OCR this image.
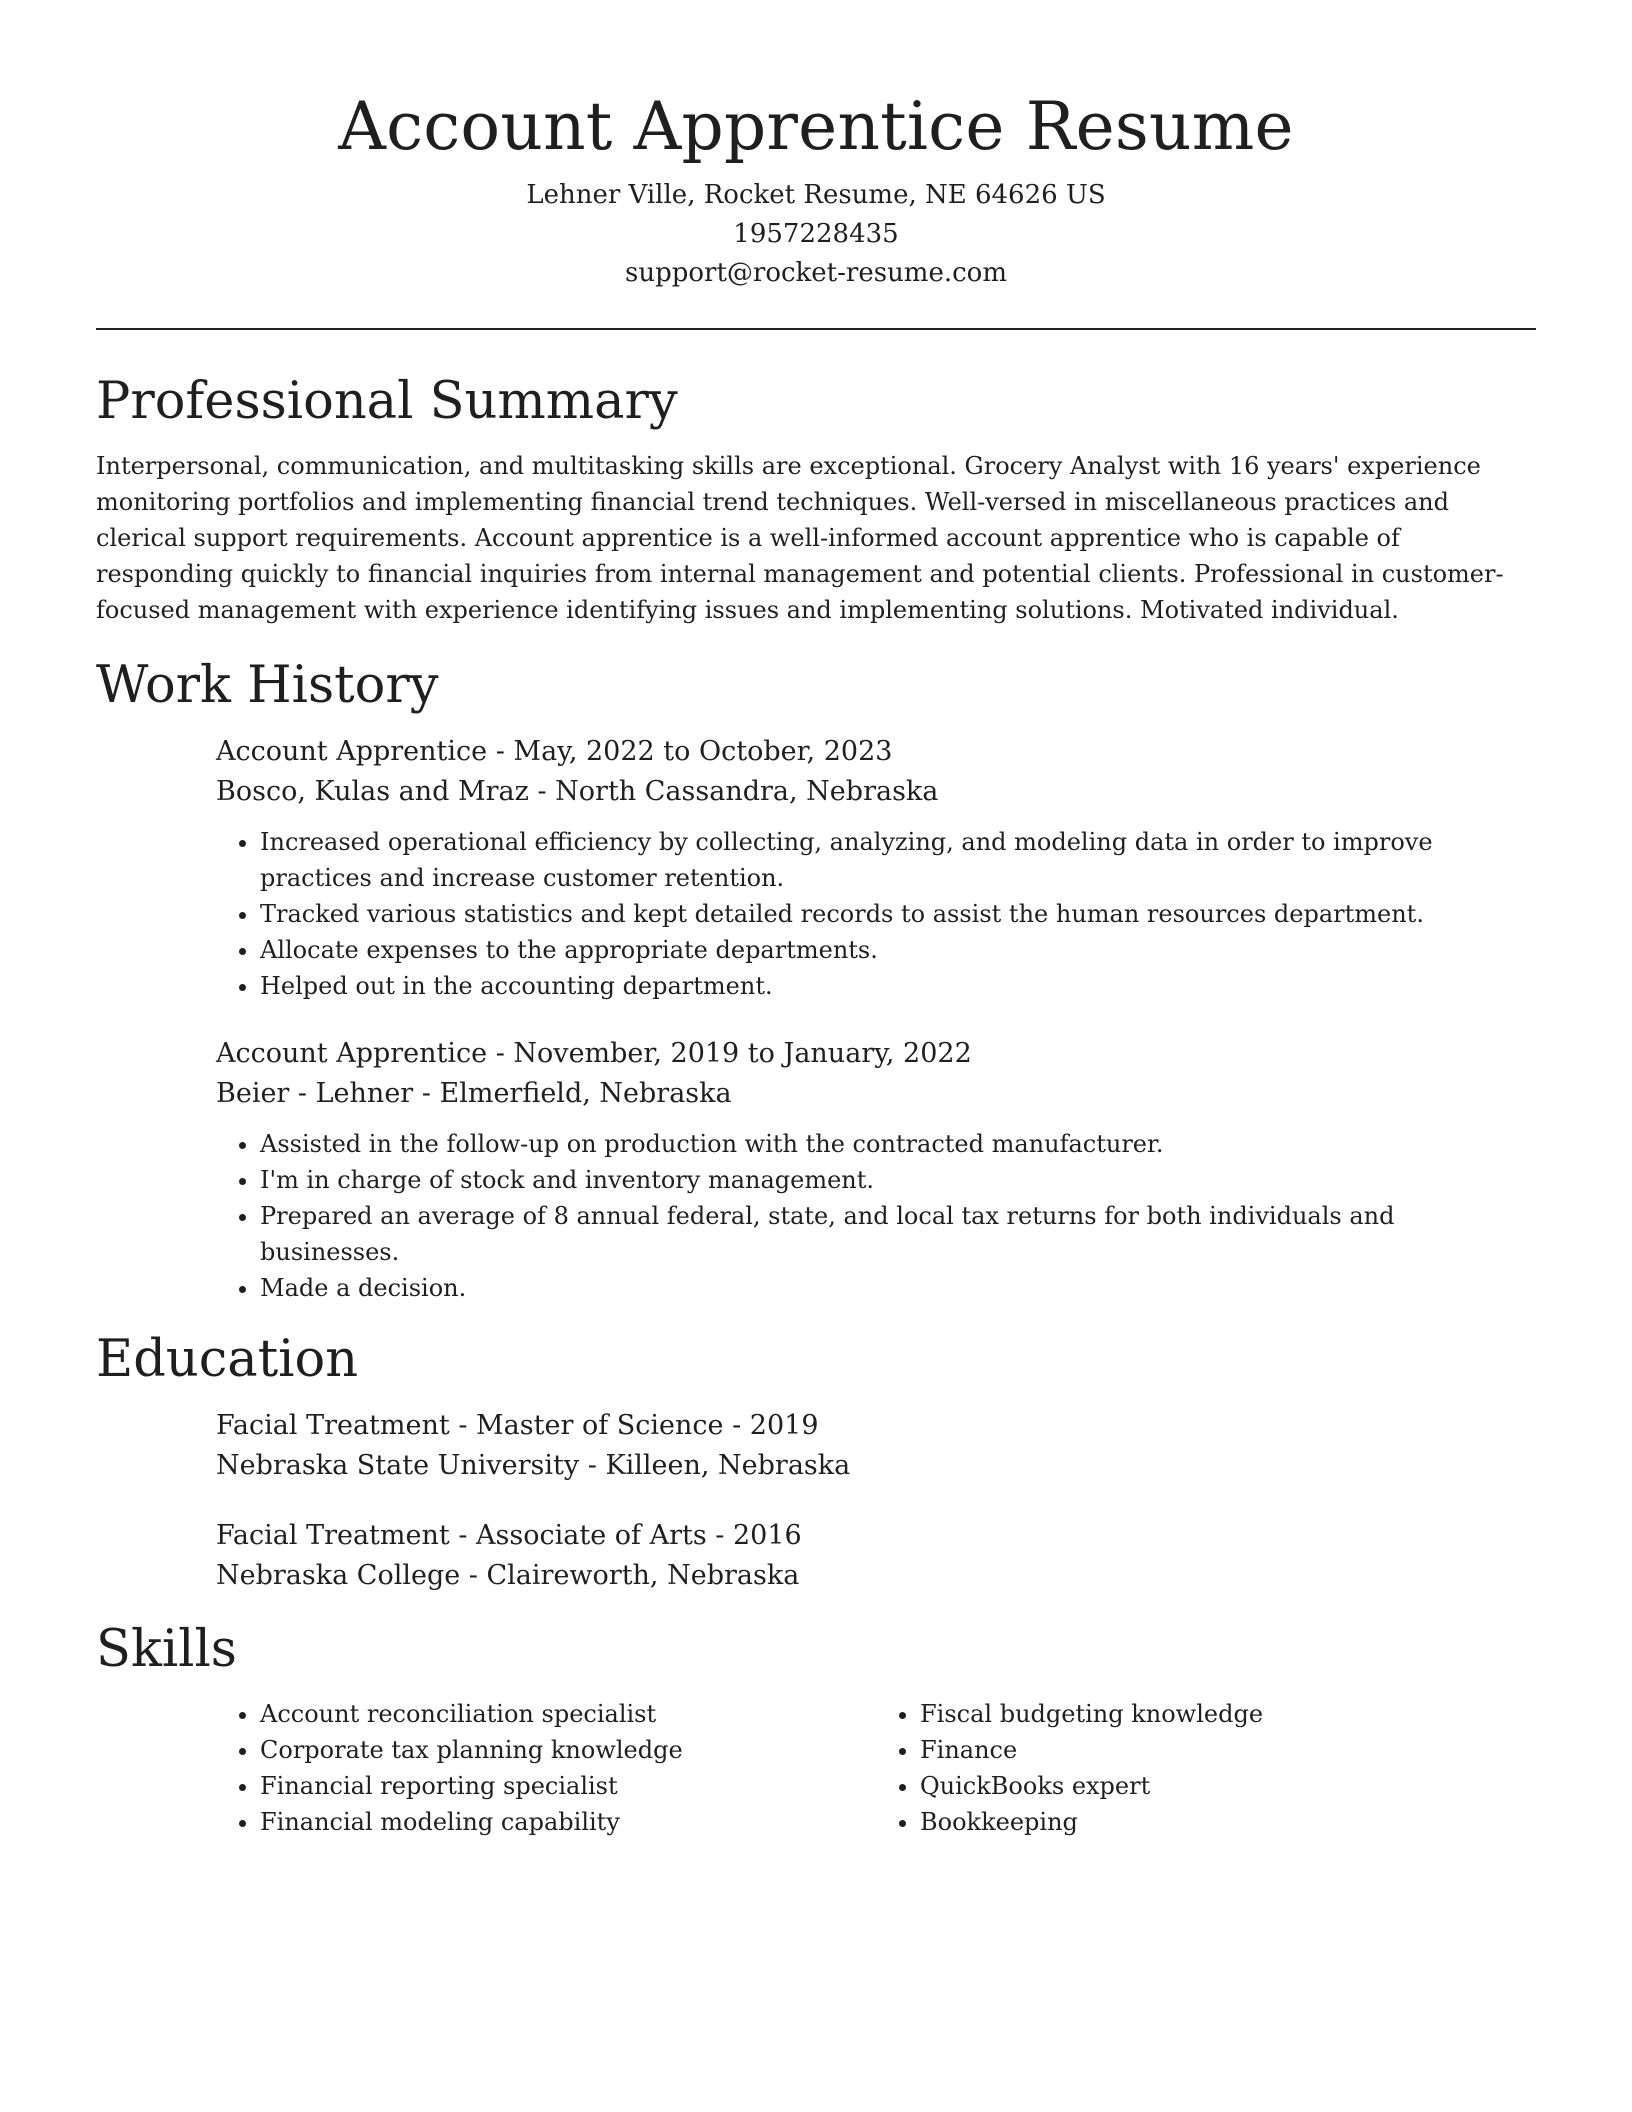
Account Apprentice Resume
Lehner Ville, Rocket Resume, NE 64626 US
1957228435
support@rocket-resume.com
Professional Summary

Interpersonal, communication, and multitasking skills are exceptional. Grocery Analyst with 16 years' experience monitoring portfolios and implementing financial trend techniques. Well-versed in miscellaneous practices and clerical support requirements. Account apprentice is a well-informed account apprentice who is capable of responding quickly to financial inquiries from internal management and potential clients. Professional in customer-focused management with experience identifying issues and implementing solutions. Motivated individual.

Work History
Account Apprentice - May, 2022 to October, 2023
Bosco, Kulas and Mraz - North Cassandra, Nebraska
• Increased operational efficiency by collecting, analyzing, and modeling data in order to improve practices and increase customer retention.
• Tracked various statistics and kept detailed records to assist the human resources department.
• Allocate expenses to the appropriate departments.
• Helped out in the accounting department.
Account Apprentice - November, 2019 to January, 2022
Beier - Lehner - Elmerfield, Nebraska
• Assisted in the follow-up on production with the contracted manufacturer.
• I'm in charge of stock and inventory management.
• Prepared an average of 8 annual federal, state, and local tax returns for both individuals and businesses.
• Made a decision.
Education
Facial Treatment - Master of Science - 2019
Nebraska State University - Killeen, Nebraska
Facial Treatment - Associate of Arts - 2016
Nebraska College - Claireworth, Nebraska
Skills
• Account reconciliation specialist
• Corporate tax planning knowledge
• Financial reporting specialist
• Financial modeling capability
• Fiscal budgeting knowledge
• Finance
• QuickBooks expert
• Bookkeeping
